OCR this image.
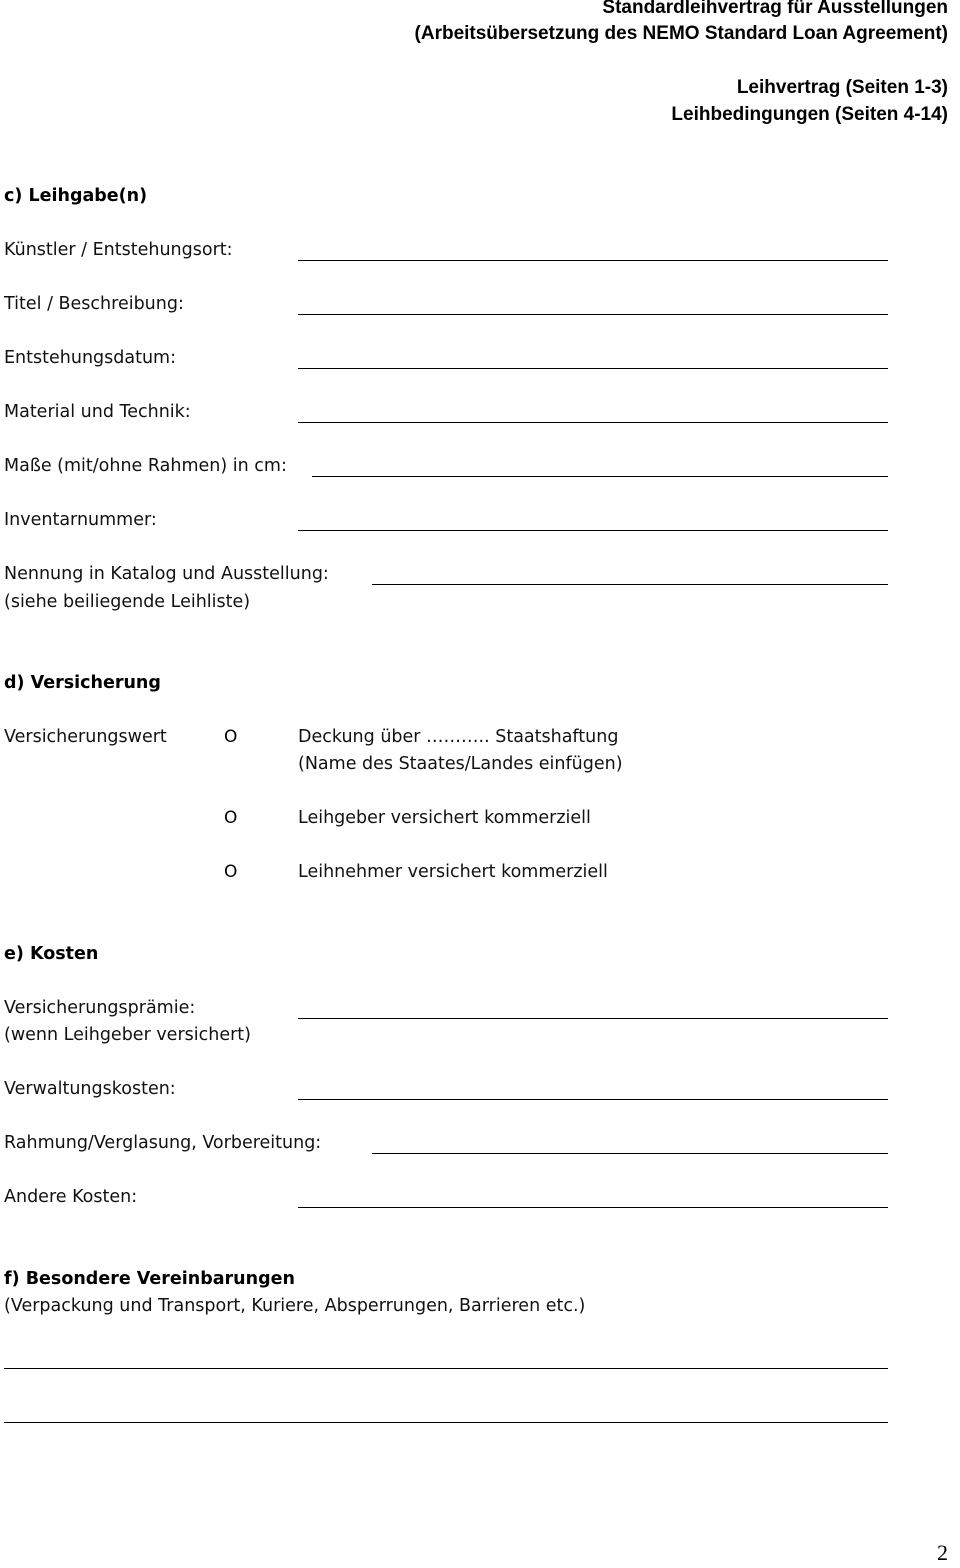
Standardleihvertrag für Ausstellungen
(Arbeitsübersetzung des NEMO Standard Loan Agreement)
Leihvertrag (Seiten 1-3)
Leihbedingungen (Seiten 4-14)
c) Leihgabe(n)
Künstler / Entstehungsort:
Titel / Beschreibung:
Entstehungsdatum:
Material und Technik:
Maße (mit/ohne Rahmen) in cm:
Inventarnummer:
Nennung in Katalog und Ausstellung:
(siehe beiliegende Leihliste)
d) Versicherung
Versicherungswert	O	Deckung über ……….. Staatshaftung
(Name des Staates/Landes einfügen)
O	Leihgeber versichert kommerziell
O	Leihnehmer versichert kommerziell
e) Kosten
Versicherungsprämie:
(wenn Leihgeber versichert)
Verwaltungskosten:
Rahmung/Verglasung, Vorbereitung:
Andere Kosten:
f) Besondere Vereinbarungen
(Verpackung und Transport, Kuriere, Absperrungen, Barrieren etc.)
2
